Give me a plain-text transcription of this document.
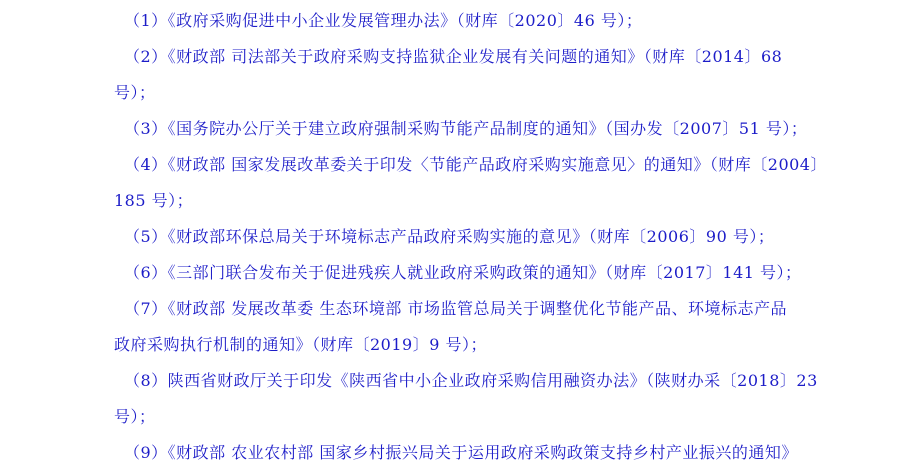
（1）《政府采购促进中小企业发展管理办法》（财库〔2020〕46 号）；
（2）《财政部 司法部关于政府采购支持监狱企业发展有关问题的通知》（财库〔2014〕68
号）；
（3）《国务院办公厅关于建立政府强制采购节能产品制度的通知》（国办发〔2007〕51 号）；
（4）《财政部 国家发展改革委关于印发〈节能产品政府采购实施意见〉的通知》（财库〔2004〕
185 号）；
（5）《财政部环保总局关于环境标志产品政府采购实施的意见》（财库〔2006〕90 号）；
（6）《三部门联合发布关于促进残疾人就业政府采购政策的通知》（财库〔2017〕141 号）；
（7）《财政部 发展改革委 生态环境部 市场监管总局关于调整优化节能产品、环境标志产品
政府采购执行机制的通知》（财库〔2019〕9 号）；
（8）陕西省财政厅关于印发《陕西省中小企业政府采购信用融资办法》（陕财办采〔2018〕23
号）；
（9）《财政部 农业农村部 国家乡村振兴局关于运用政府采购政策支持乡村产业振兴的通知》
